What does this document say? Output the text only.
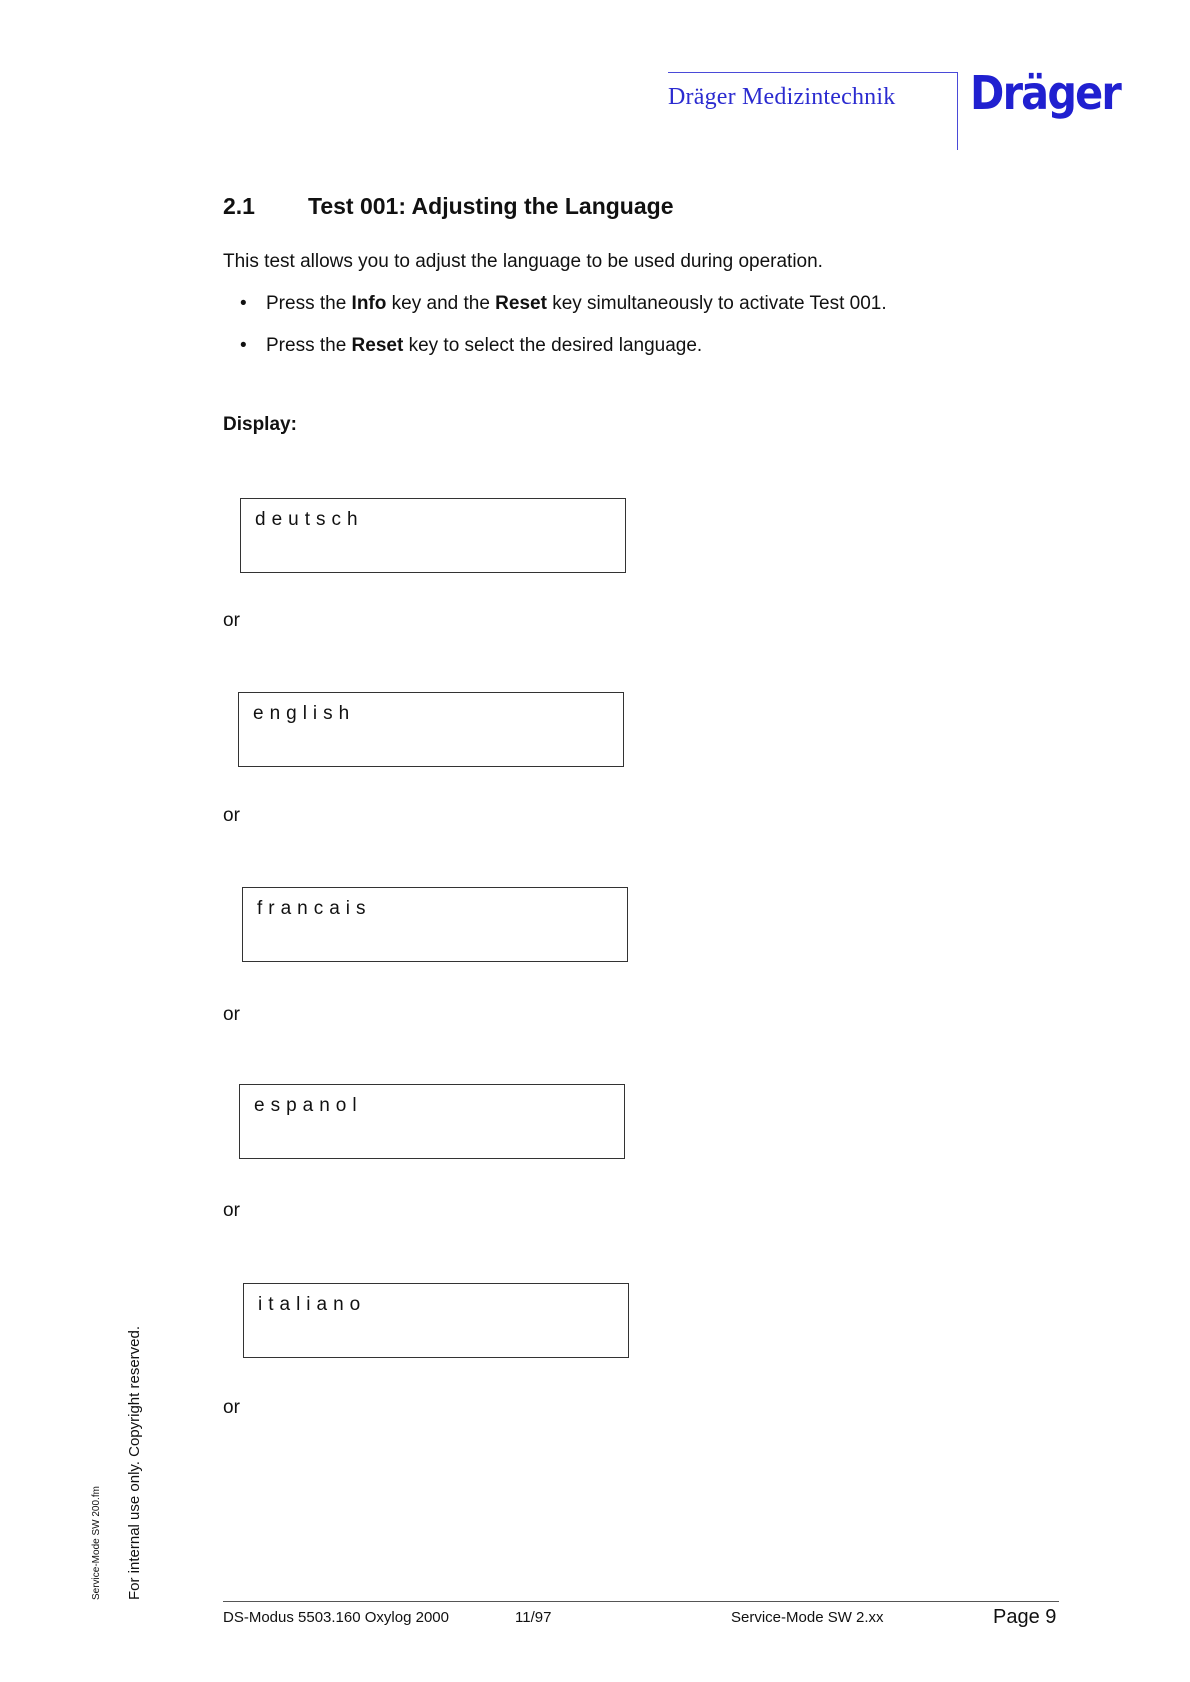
Dräger Medizintechnik Dräger
2.1 Test 001: Adjusting the Language
This test allows you to adjust the language to be used during operation.
• Press the Info key and the Reset key simultaneously to activate Test 001.
• Press the Reset key to select the desired language.
Display:
deutsch
or
english
or
francais
or
espanol
or
italiano
or
Service-Mode SW 200.fm For internal use only. Copyright reserved.
DS-Modus 5503.160 Oxylog 2000	11/97	Service-Mode SW 2.xx	Page 9
